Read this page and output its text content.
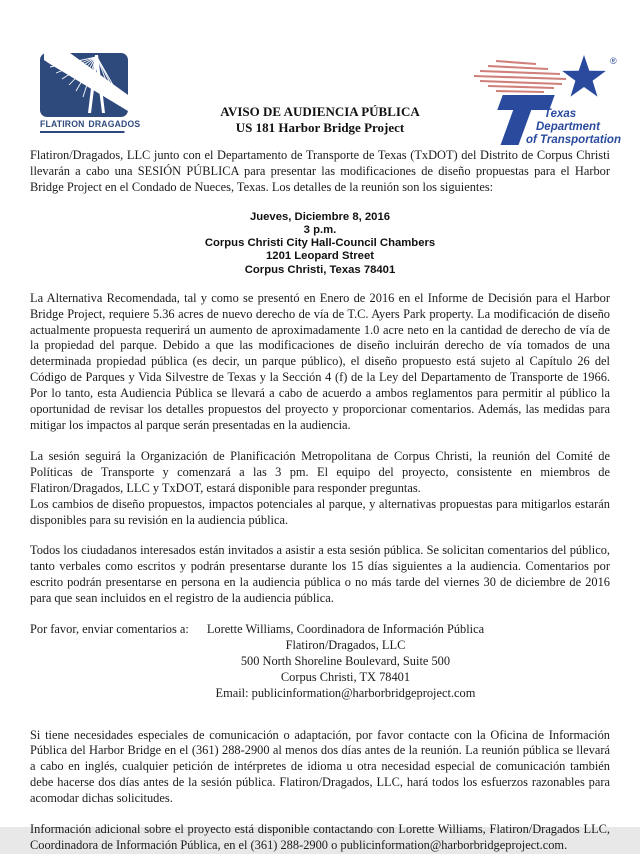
FLATIRON DRAGADOS
®
Texas
Department
of Transportation
AVISO DE AUDIENCIA PÚBLICA
US 181 Harbor Bridge Project

Flatiron/Dragados, LLC junto con el Departamento de Transporte de Texas (TxDOT) del Distrito de Corpus Christi llevarán a cabo una SESIÓN PÚBLICA para presentar las modificaciones de diseño propuestas para el Harbor Bridge Project en el Condado de Nueces, Texas. Los detalles de la reunión son los siguientes:

Jueves, Diciembre 8, 2016
3 p.m.
Corpus Christi City Hall-Council Chambers
1201 Leopard Street
Corpus Christi, Texas 78401

La Alternativa Recomendada, tal y como se presentó en Enero de 2016 en el Informe de Decisión para el Harbor Bridge Project, requiere 5.36 acres de nuevo derecho de vía de T.C. Ayers Park property. La modificación de diseño actualmente propuesta requerirá un aumento de aproximadamente 1.0 acre neto en la cantidad de derecho de vía de la propiedad del parque. Debido a que las modificaciones de diseño incluirán derecho de vía tomados de una determinada propiedad pública (es decir, un parque público), el diseño propuesto está sujeto al Capítulo 26 del Código de Parques y Vida Silvestre de Texas y la Sección 4 (f) de la Ley del Departamento de Transporte de 1966. Por lo tanto, esta Audiencia Pública se llevará a cabo de acuerdo a ambos reglamentos para permitir al público la oportunidad de revisar los detalles propuestos del proyecto y proporcionar comentarios. Además, las medidas para mitigar los impactos al parque serán presentadas en la audiencia.

La sesión seguirá la Organización de Planificación Metropolitana de Corpus Christi, la reunión del Comité de Políticas de Transporte y comenzará a las 3 pm. El equipo del proyecto, consistente en miembros de Flatiron/Dragados, LLC y TxDOT, estará disponible para responder preguntas.

Los cambios de diseño propuestos, impactos potenciales al parque, y alternativas propuestas para mitigarlos estarán disponibles para su revisión en la audiencia pública.

Todos los ciudadanos interesados están invitados a asistir a esta sesión pública. Se solicitan comentarios del público, tanto verbales como escritos y podrán presentarse durante los 15 días siguientes a la audiencia. Comentarios por escrito podrán presentarse en persona en la audiencia pública o no más tarde del viernes 30 de diciembre de 2016 para que sean incluidos en el registro de la audiencia pública.

Por favor, enviar comentarios a: Lorette Williams, Coordinadora de Información Pública
Flatiron/Dragados, LLC
500 North Shoreline Boulevard, Suite 500
Corpus Christi, TX 78401
Email: publicinformation@harborbridgeproject.com

Si tiene necesidades especiales de comunicación o adaptación, por favor contacte con la Oficina de Información Pública del Harbor Bridge en el (361) 288-2900 al menos dos días antes de la reunión. La reunión pública se llevará a cabo en inglés, cualquier petición de intérpretes de idioma u otra necesidad especial de comunicación también debe hacerse dos días antes de la sesión pública. Flatiron/Dragados, LLC, hará todos los esfuerzos razonables para acomodar dichas solicitudes.

Información adicional sobre el proyecto está disponible contactando con Lorette Williams, Flatiron/Dragados LLC, Coordinadora de Información Pública, en el (361) 288-2900 o publicinformation@harborbridgeproject.com.
